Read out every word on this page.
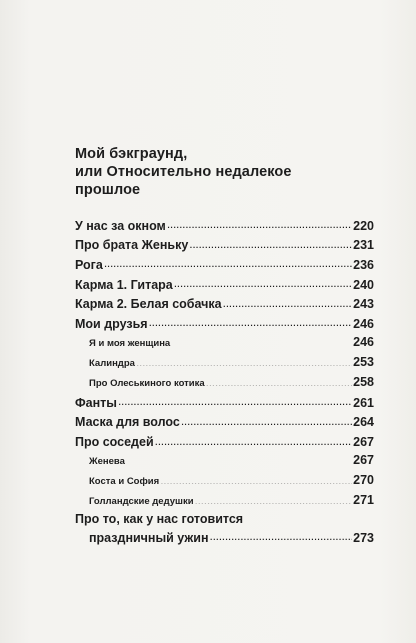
Мой бэкграунд,
или Относительно недалекое
прошлое
У нас за окном . . .	220
Про брата Женьку . . .	231
Рога . . .	236
Карма 1. Гитара . . .	240
Карма 2. Белая собачка . . .	243
Мои друзья . . .	246
Я и моя женщина . . .	246
Калиндра . . .	253
Про Олеськиного котика . . .	258
Фанты . . .	261
Маска для волос . . .	264
Про соседей . . .	267
Женева . . .	267
Коста и София . . .	270
Голландские дедушки . . .	271
Про то, как у нас готовится
праздничный ужин . . .	273
